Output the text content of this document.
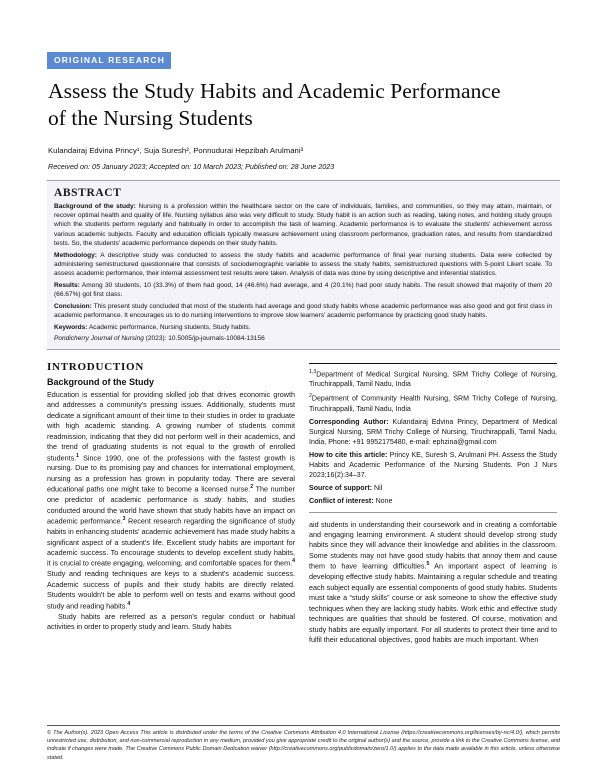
ORIGINAL RESEARCH
Assess the Study Habits and Academic Performance
of the Nursing Students
Kulandairaj Edvina Princy¹, Suja Suresh², Ponnudurai Hepzibah Arulmani³
Received on: 05 January 2023; Accepted on: 10 March 2023; Published on: 28 June 2023
ABSTRACT

Background of the study: Nursing is a profession within the healthcare sector on the care of individuals, families, and communities, so they may attain, maintain, or recover optimal health and quality of life. Nursing syllabus also was very difficult to study. Study habit is an action such as reading, taking notes, and holding study groups which the students perform regularly and habitually in order to accomplish the task of learning. Academic performance is to evaluate the students' achievement across various academic subjects. Faculty and education officials typically measure achievement using classroom performance, graduation rates, and results from standardized tests. So, the students' academic performance depends on their study habits.

Methodology: A descriptive study was conducted to assess the study habits and academic performance of final year nursing students. Data were collected by administering semistructured questionnaire that consists of sociodemographic variable to assess the study habits, semistructured questions with 5-point Likert scale. To assess academic performance, their internal assessment test results were taken. Analysis of data was done by using descriptive and inferential statistics.

Results: Among 30 students, 10 (33.3%) of them had good, 14 (46.6%) had average, and 4 (20.1%) had poor study habits. The result showed that majority of them 20 (66.67%) got first class.

Conclusion: This present study concluded that most of the students had average and good study habits whose academic performance was also good and got first class in academic performance. It encourages us to do nursing interventions to improve slow learners' academic performance by practicing good study habits.

Keywords: Academic performance, Nursing students, Study habits.

Pondicherry Journal of Nursing (2023): 10.5005/jp-journals-10084-13156
INTRODUCTION
Background of the Study

Education is essential for providing skilled job that drives economic growth and addresses a community's pressing issues. Additionally, students must dedicate a significant amount of their time to their studies in order to graduate with high academic standing. A growing number of students commit readmission, indicating that they did not perform well in their academics, and the trend of graduating students is not equal to the growth of enrolled students.$^1$ Since 1990, one of the professions with the fastest growth is nursing. Due to its promising pay and chances for international employment, nursing as a profession has grown in popularity today. There are several educational paths one might take to become a licensed nurse.$^2$ The number one predictor of academic performance is study habits, and studies conducted around the world have shown that study habits have an impact on academic performance.$^3$ Recent research regarding the significance of study habits in enhancing students' academic achievement has made study habits a significant aspect of a student's life. Excellent study habits are important for academic success. To encourage students to develop excellent study habits, it is crucial to create engaging, welcoming, and comfortable spaces for them.$^4$ Study and reading techniques are keys to a student's academic success. Academic success of pupils and their study habits are directly related. Students wouldn't be able to perform well on tests and exams without good study and reading habits.$^4$

Study habits are referred as a person's regular conduct or habitual activities in order to properly study and learn. Study habits

$^{1,3}$Department of Medical Surgical Nursing, SRM Trichy College of Nursing, Tiruchirappalli, Tamil Nadu, India

$^2$Department of Community Health Nursing, SRM Trichy College of Nursing, Tiruchirappalli, Tamil Nadu, India

Corresponding Author: Kulandairaj Edvina Princy, Department of Medical Surgical Nursing, SRM Trichy College of Nursing, Tiruchirappalli, Tamil Nadu, India, Phone: +91 9952175480, e-mail: ephzina@gmail.com

How to cite this article: Princy KE, Suresh S, Arulmani PH. Assess the Study Habits and Academic Performance of the Nursing Students. Pon J Nurs 2023;16(2):34–37.

Source of support: Nil

Conflict of interest: None

aid students in understanding their coursework and in creating a comfortable and engaging learning environment. A student should develop strong study habits since they will advance their knowledge and abilities in the classroom. Some students may not have good study habits that annoy them and cause them to have learning difficulties.$^5$ An important aspect of learning is developing effective study habits. Maintaining a regular schedule and treating each subject equally are essential components of good study habits. Students must take a “study skills” course or ask someone to show the effective study techniques when they are lacking study habits. Work ethic and effective study techniques are qualities that should be fostered. Of course, motivation and study habits are equally important. For all students to protect their time and to fulfil their educational objectives, good habits are much important. When

© The Author(s). 2023 Open Access This article is distributed under the terms of the Creative Commons Attribution 4.0 International License (https://creativecommons.org/licenses/by-nc/4.0/), which permits unrestricted use, distribution, and non-commercial reproduction in any medium, provided you give appropriate credit to the original author(s) and the source, provide a link to the Creative Commons license, and indicate if changes were made. The Creative Commons Public Domain Dedication waiver (http://creativecommons.org/publicdomain/zero/1.0/) applies to the data made available in this article, unless otherwise stated.
